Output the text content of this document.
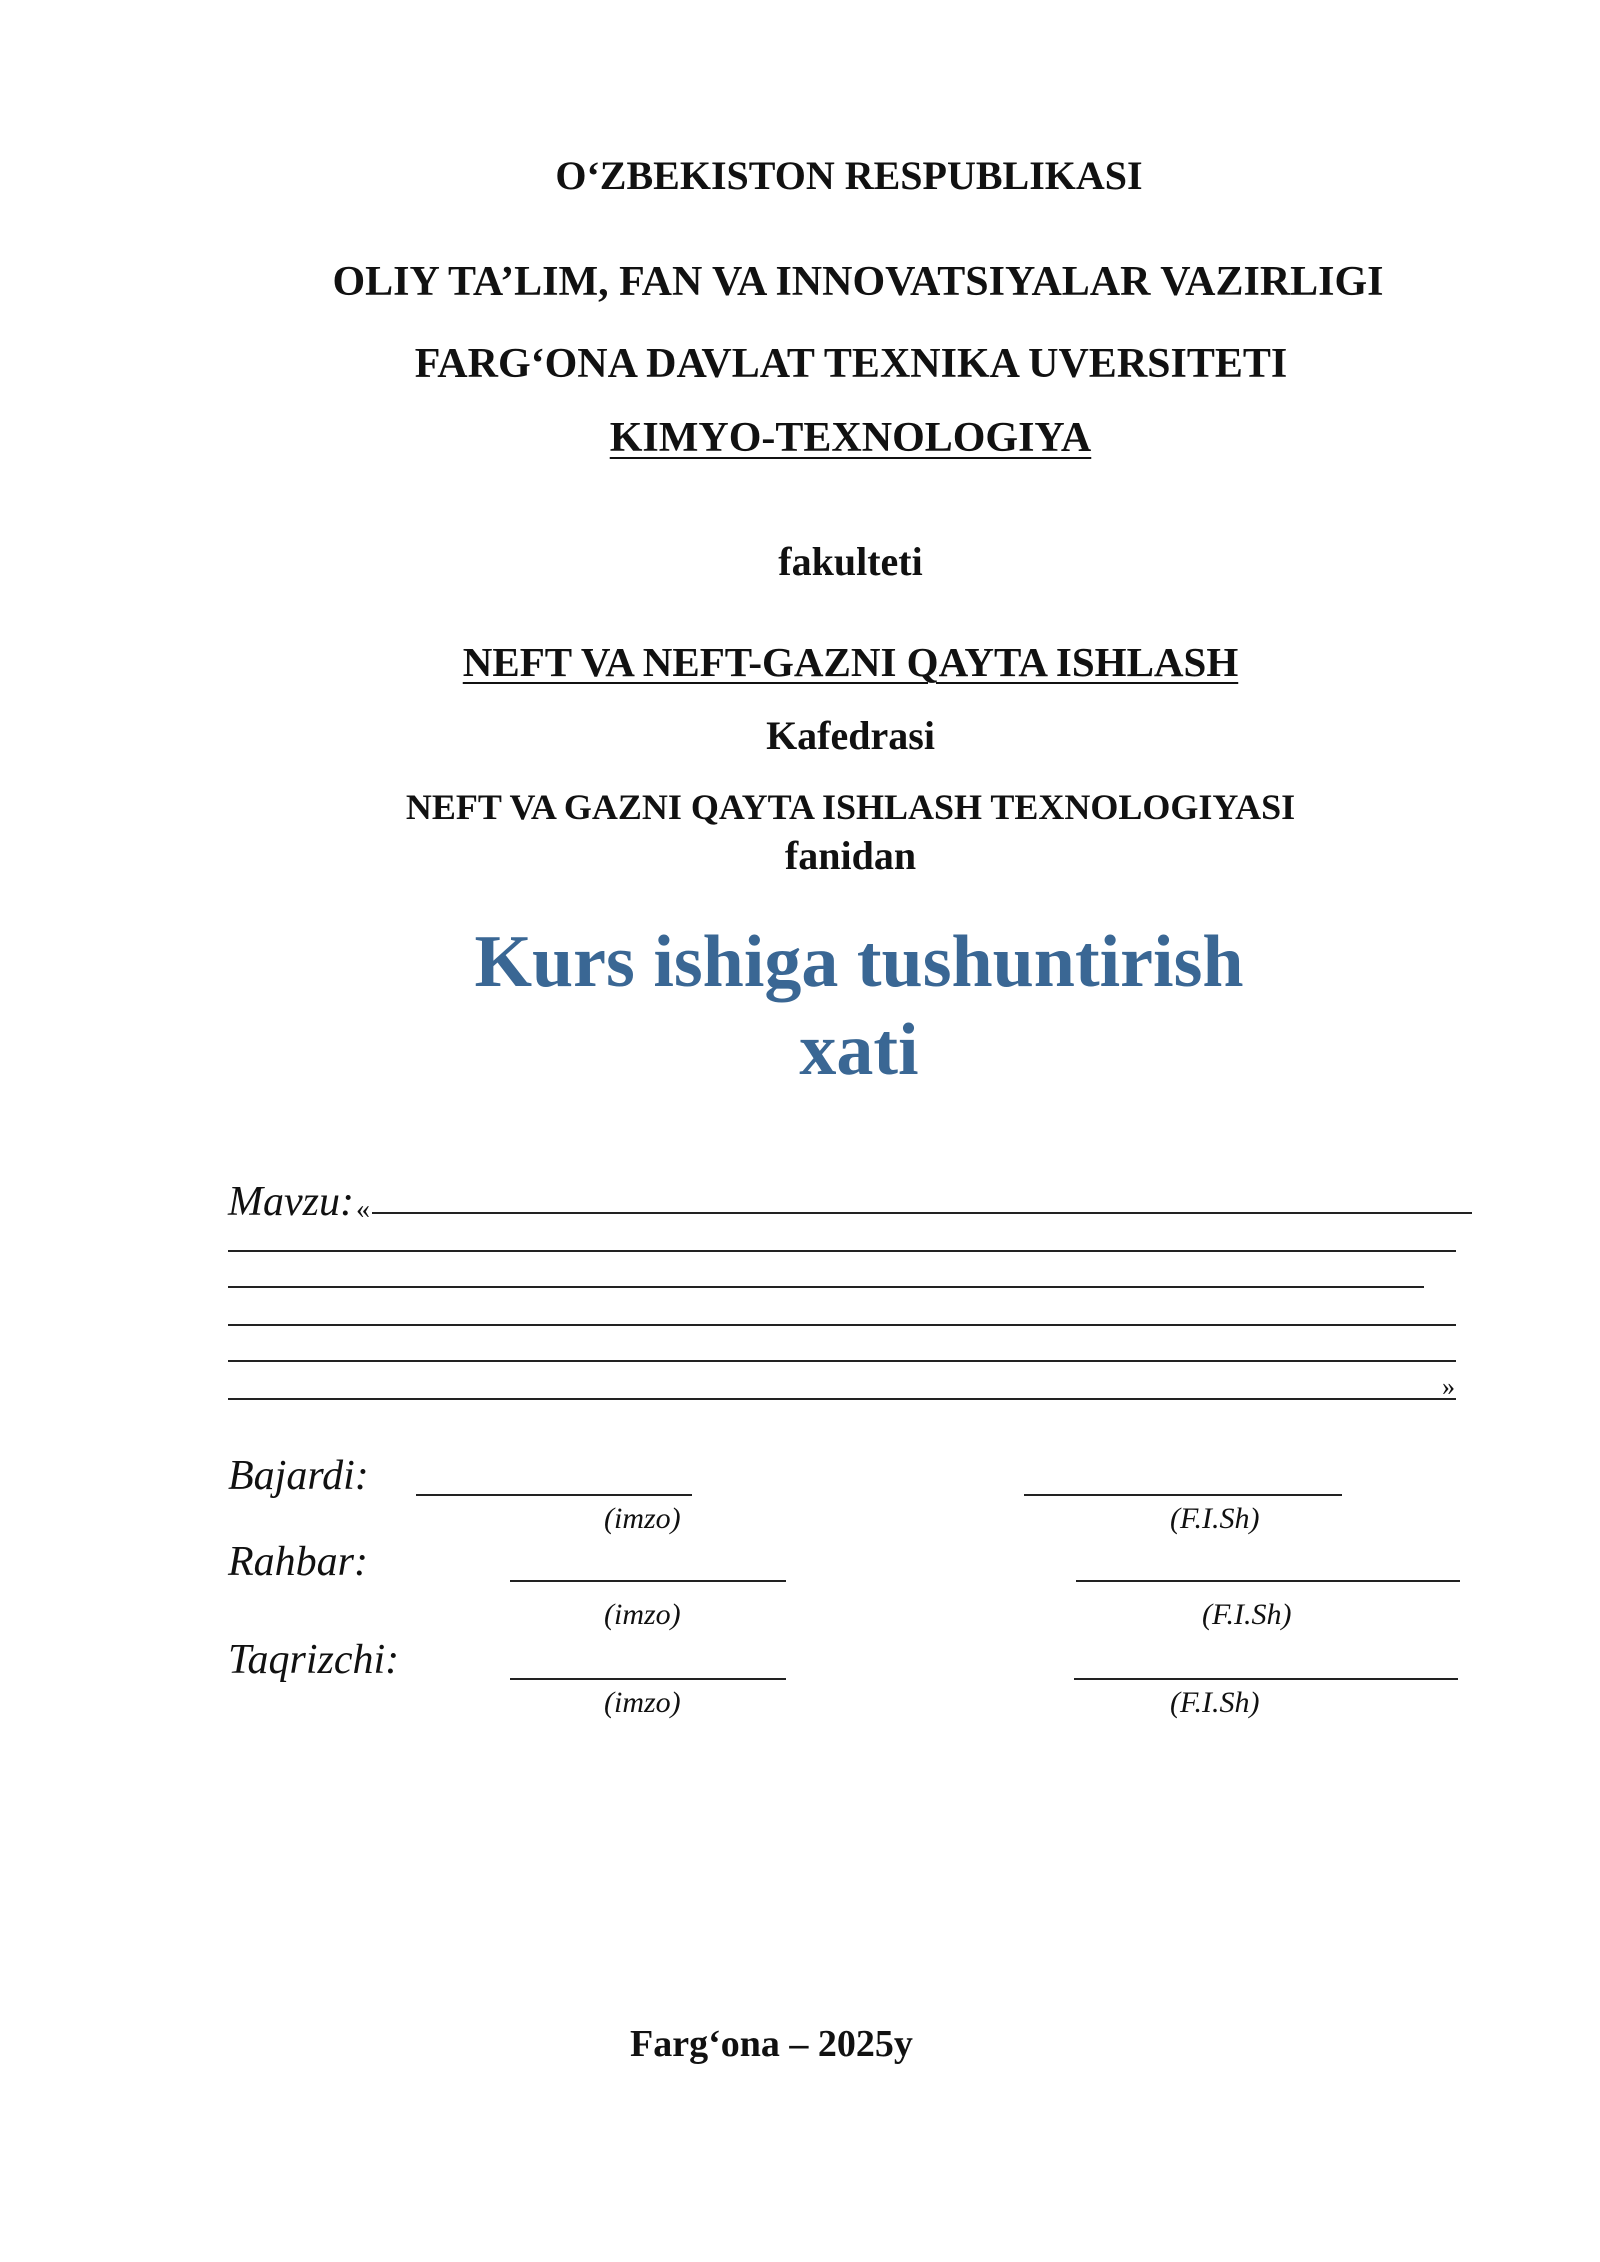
O‘ZBEKISTON RESPUBLIKASI
OLIY TA’LIM, FAN VA INNOVATSIYALAR VAZIRLIGI
FARG‘ONA DAVLAT TEXNIKA UVERSITETI
KIMYO-TEXNOLOGIYA
fakulteti
NEFT VA NEFT-GAZNI QAYTA ISHLASH
Kafedrasi
NEFT VA GAZNI QAYTA ISHLASH TEXNOLOGIYASI
fanidan
Kurs ishiga tushuntirish
xati
Mavzu: «
»
Bajardi:
(imzo)	(F.I.Sh)
Rahbar:
(imzo)	(F.I.Sh)
Taqrizchi:
(imzo)	(F.I.Sh)
Farg‘ona – 2025y
